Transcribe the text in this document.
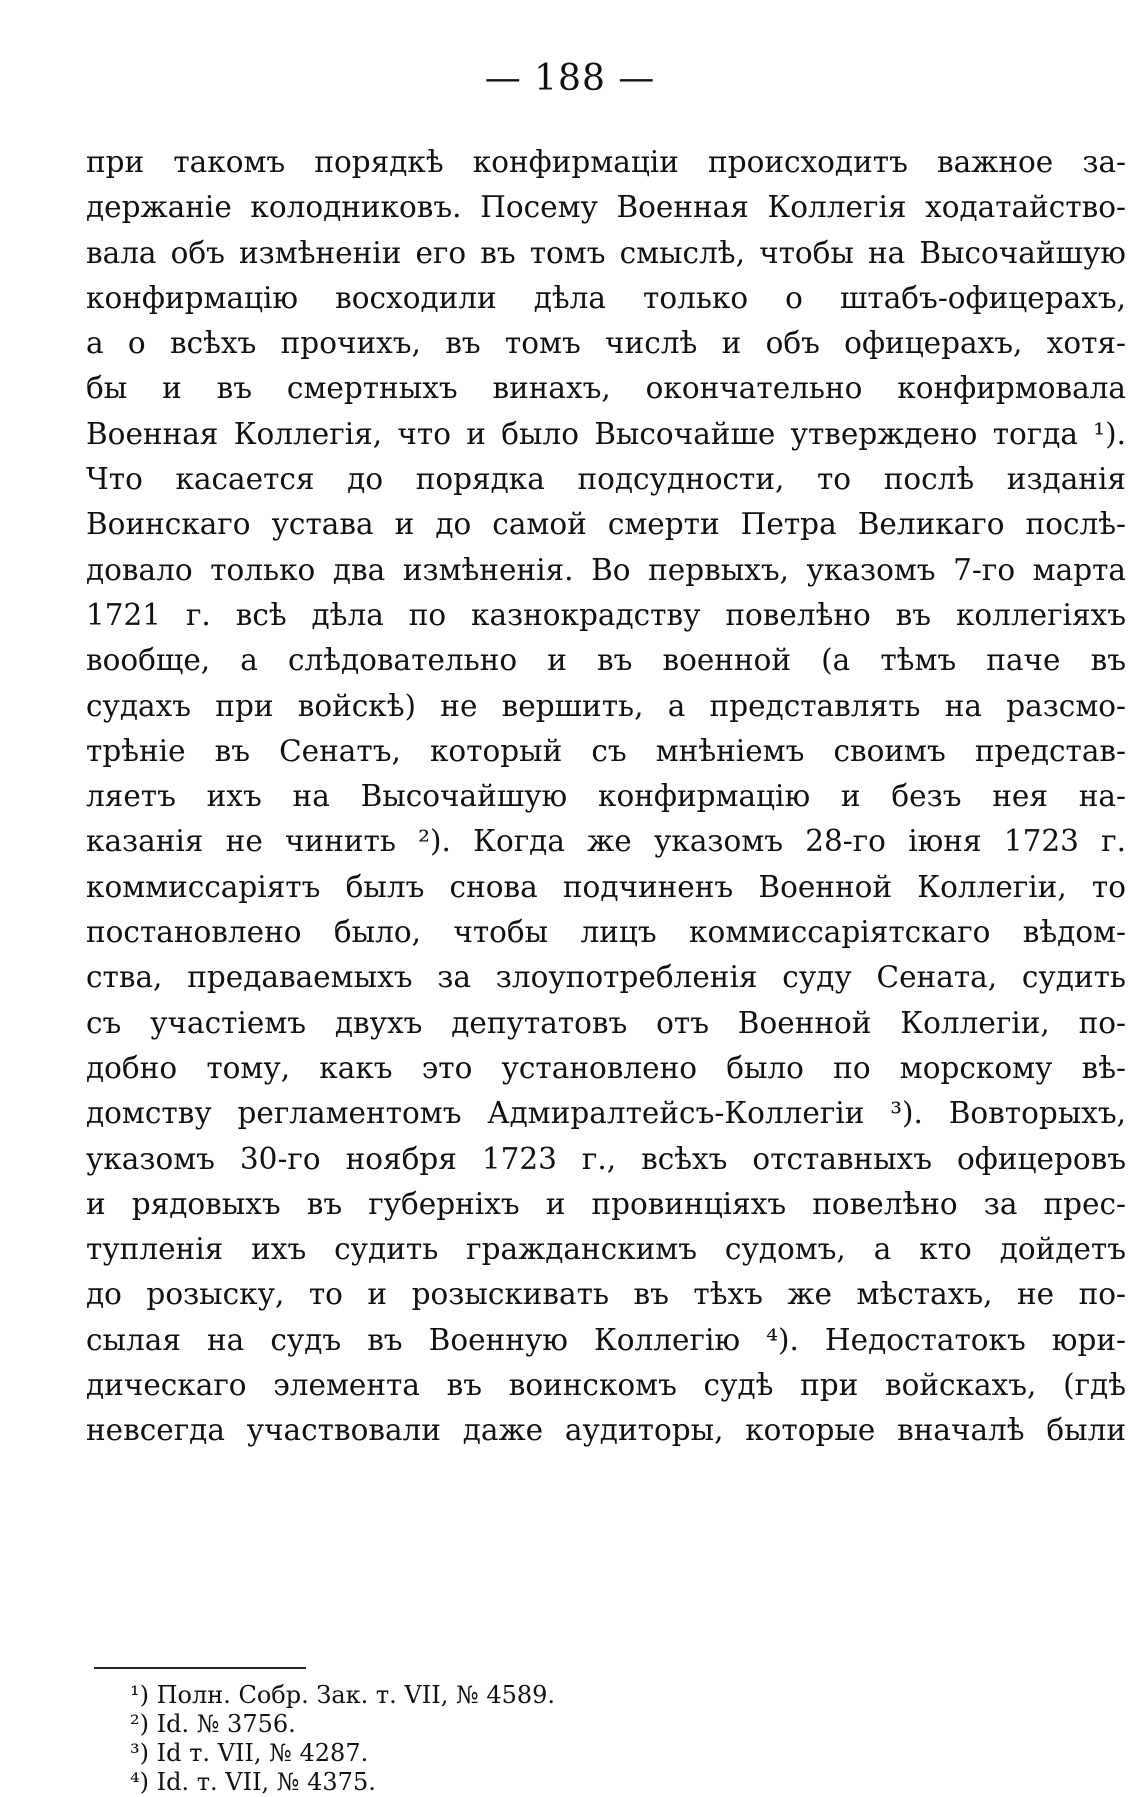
— 188 —
при такомъ порядкѣ конфирмаціи происходитъ важное за-
держаніе колодниковъ. Посему Военная Коллегія ходатайство-
вала объ измѣненіи его въ томъ смыслѣ, чтобы на Высочайшую
конфирмацію восходили дѣла только о штабъ-офицерахъ,
а о всѣхъ прочихъ, въ томъ числѣ и объ офицерахъ, хотя-
бы и въ смертныхъ винахъ, окончательно конфирмовала
Военная Коллегія, что и было Высочайше утверждено тогда ¹).
Что касается до порядка подсудности, то послѣ изданія
Воинскаго устава и до самой смерти Петра Великаго послѣ-
довало только два измѣненія. Во первыхъ, указомъ 7-го марта
1721 г. всѣ дѣла по казнокрадству повелѣно въ коллегіяхъ
вообще, а слѣдовательно и въ военной (а тѣмъ паче въ
судахъ при войскѣ) не вершить, а представлять на разсмо-
трѣніе въ Сенатъ, который съ мнѣніемъ своимъ представ-
ляетъ ихъ на Высочайшую конфирмацію и безъ нея на-
казанія не чинить ²). Когда же указомъ 28-го іюня 1723 г.
коммиссаріятъ былъ снова подчиненъ Военной Коллегіи, то
постановлено было, чтобы лицъ коммиссаріятскаго вѣдом-
ства, предаваемыхъ за злоупотребленія суду Сената, судить
съ участіемъ двухъ депутатовъ отъ Военной Коллегіи, по-
добно тому, какъ это установлено было по морскому вѣ-
домству регламентомъ Адмиралтейсъ-Коллегіи ³). Вовторыхъ,
указомъ 30-го ноября 1723 г., всѣхъ отставныхъ офицеровъ
и рядовыхъ въ губерніхъ и провинціяхъ повелѣно за прес-
тупленія ихъ судить гражданскимъ судомъ, а кто дойдетъ
до розыску, то и розыскивать въ тѣхъ же мѣстахъ, не по-
сылая на судъ въ Военную Коллегію ⁴). Недостатокъ юри-
дическаго элемента въ воинскомъ судѣ при войскахъ, (гдѣ
невсегда участвовали даже аудиторы, которые вначалѣ были
¹) Полн. Собр. Зак. т. VII, № 4589.
²) Id. № 3756.
³) Id т. VII, № 4287.
⁴) Id. т. VII, № 4375.
